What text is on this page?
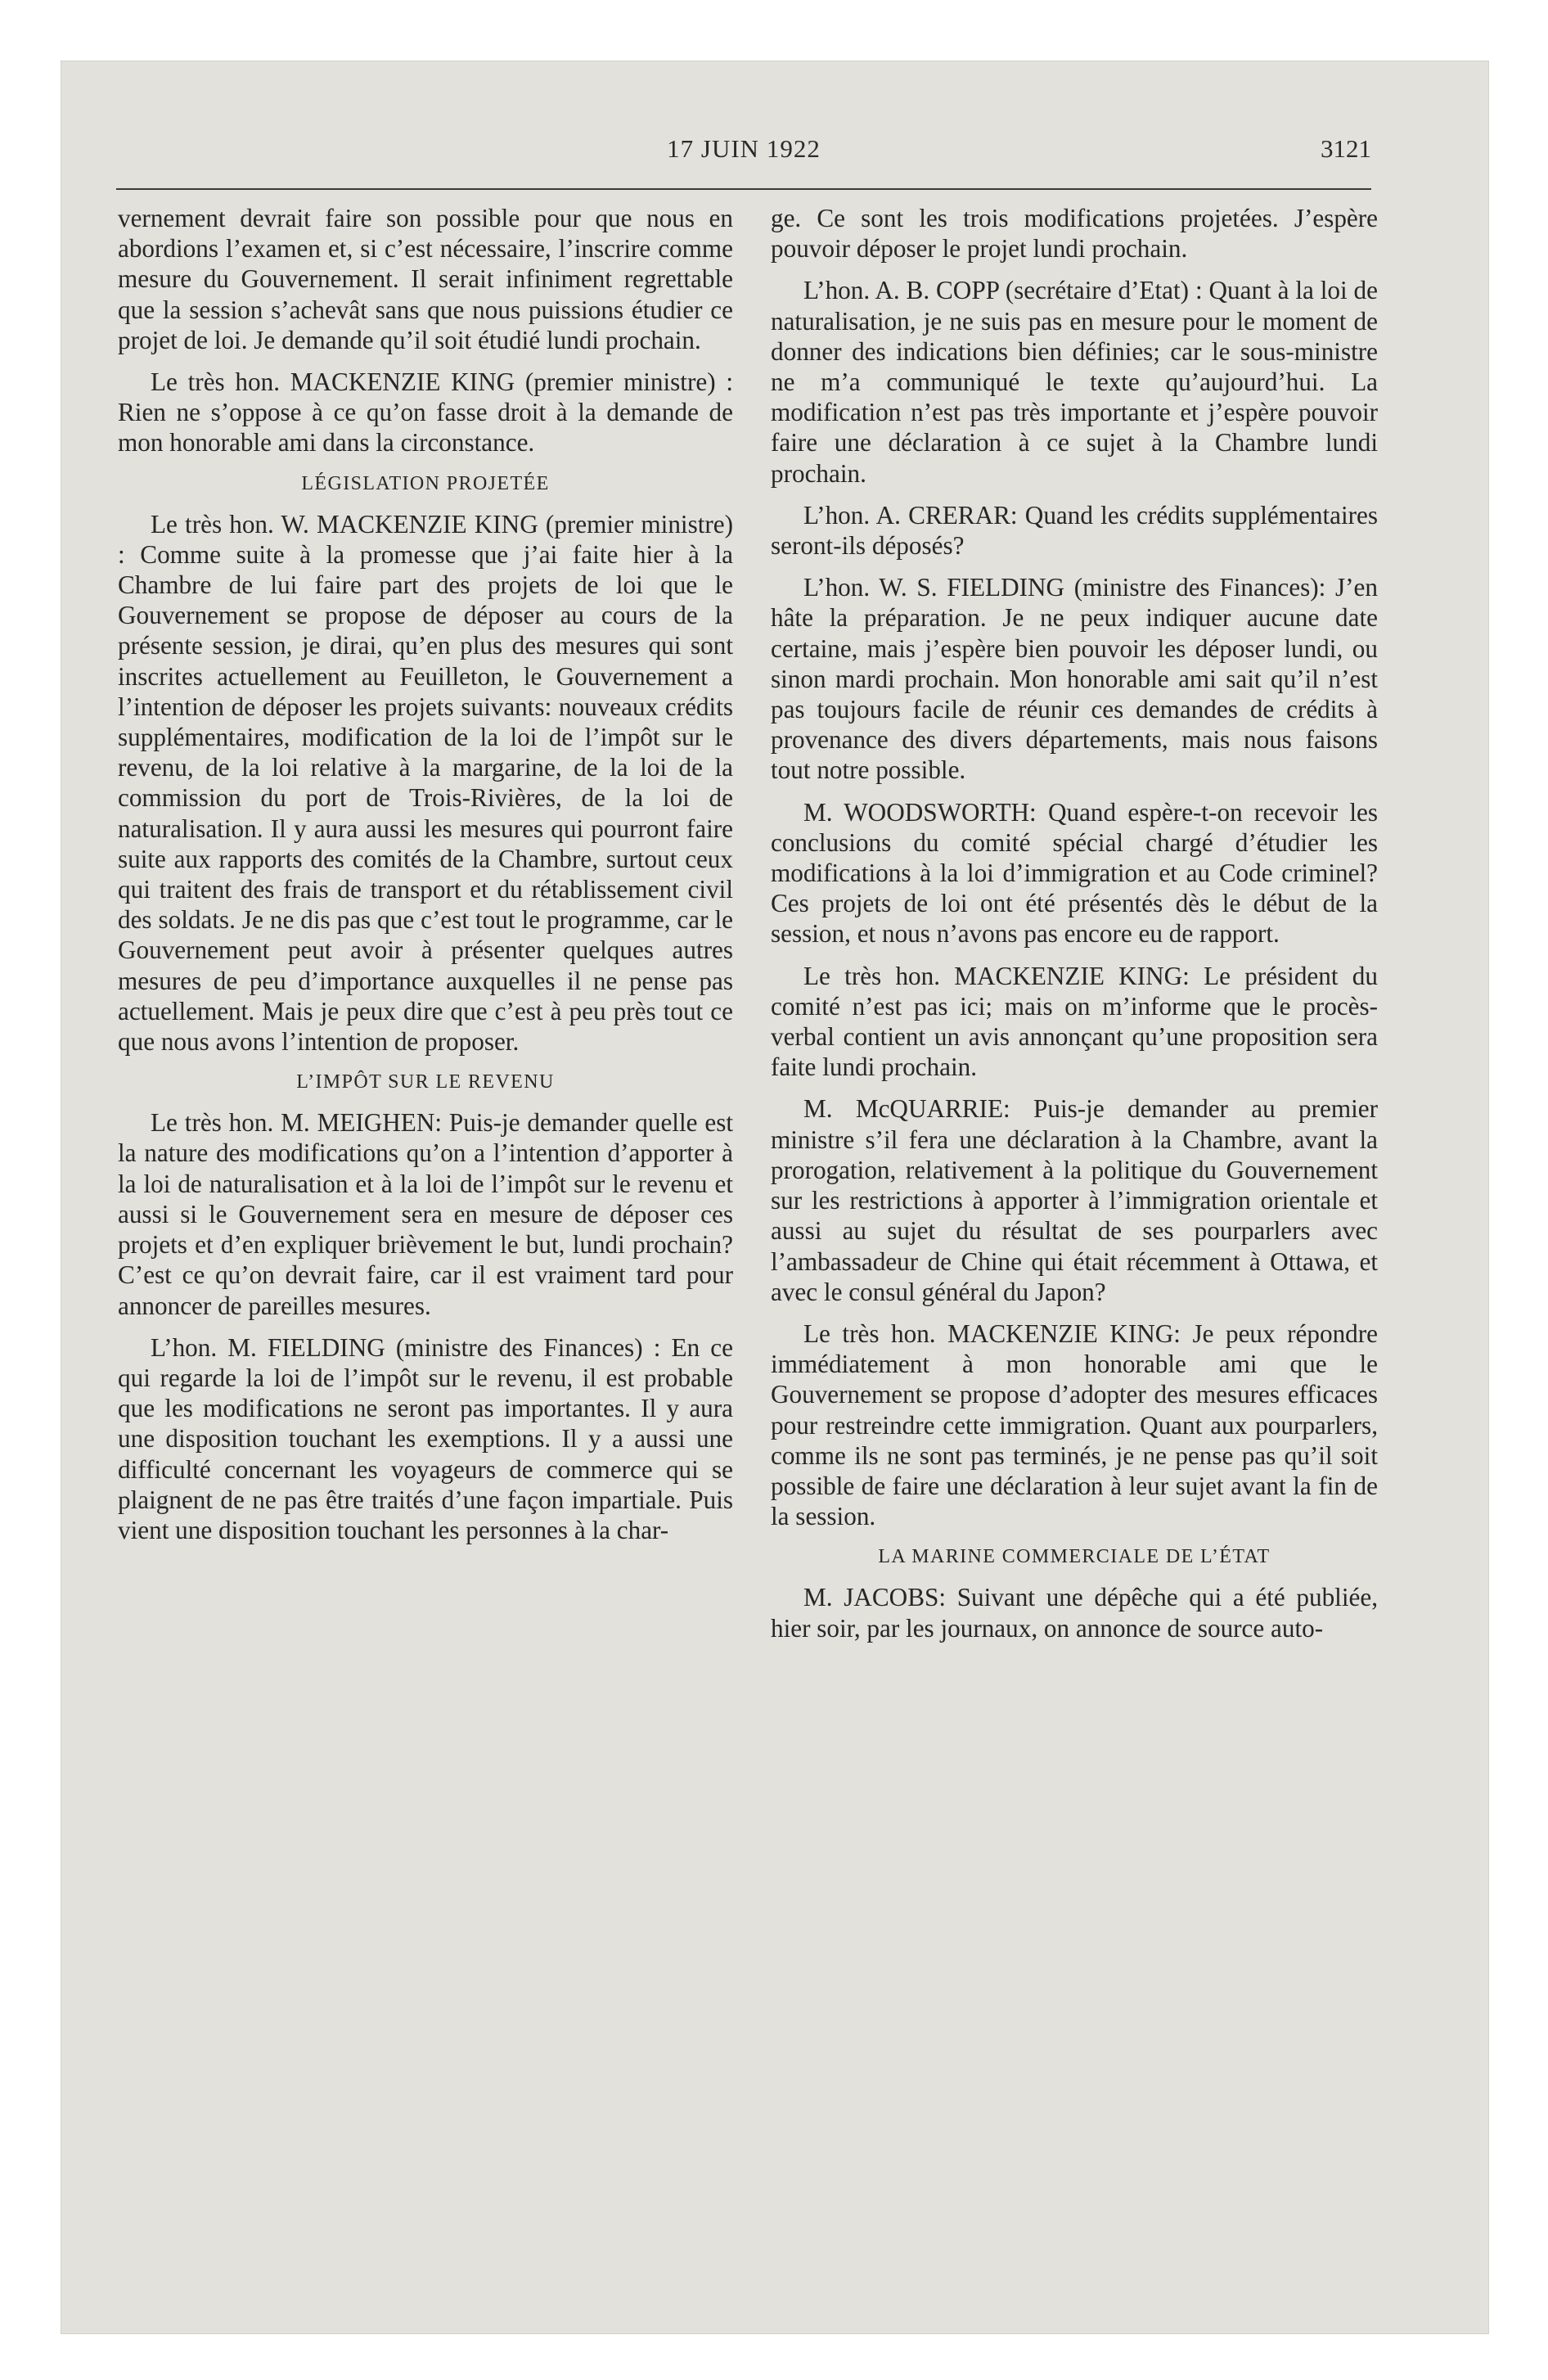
17 JUIN 1922	3121

vernement devrait faire son possible pour que nous en abordions l’examen et, si c’est nécessaire, l’inscrire comme mesure du Gouvernement. Il serait infiniment regrettable que la session s’achevât sans que nous puissions étudier ce projet de loi. Je demande qu’il soit étudié lundi prochain.

Le très hon. MACKENZIE KING (premier ministre) : Rien ne s’oppose à ce qu’on fasse droit à la demande de mon honorable ami dans la circonstance.

LÉGISLATION PROJETÉE

Le très hon. W. MACKENZIE KING (premier ministre) : Comme suite à la promesse que j’ai faite hier à la Chambre de lui faire part des projets de loi que le Gouvernement se propose de déposer au cours de la présente session, je dirai, qu’en plus des mesures qui sont inscrites actuellement au Feuilleton, le Gouvernement a l’intention de déposer les projets suivants: nouveaux crédits supplémentaires, modification de la loi de l’impôt sur le revenu, de la loi relative à la margarine, de la loi de la commission du port de Trois-Rivières, de la loi de naturalisation. Il y aura aussi les mesures qui pourront faire suite aux rapports des comités de la Chambre, surtout ceux qui traitent des frais de transport et du rétablissement civil des soldats. Je ne dis pas que c’est tout le programme, car le Gouvernement peut avoir à présenter quelques autres mesures de peu d’importance auxquelles il ne pense pas actuellement. Mais je peux dire que c’est à peu près tout ce que nous avons l’intention de proposer.

L’IMPÔT SUR LE REVENU

Le très hon. M. MEIGHEN: Puis-je demander quelle est la nature des modifications qu’on a l’intention d’apporter à la loi de naturalisation et à la loi de l’impôt sur le revenu et aussi si le Gouvernement sera en mesure de déposer ces projets et d’en expliquer brièvement le but, lundi prochain? C’est ce qu’on devrait faire, car il est vraiment tard pour annoncer de pareilles mesures.

L’hon. M. FIELDING (ministre des Finances) : En ce qui regarde la loi de l’impôt sur le revenu, il est probable que les modifications ne seront pas importantes. Il y aura une disposition touchant les exemptions. Il y a aussi une difficulté concernant les voyageurs de commerce qui se plaignent de ne pas être traités d’une façon impartiale. Puis vient une disposition touchant les personnes à la char-

ge. Ce sont les trois modifications projetées. J’espère pouvoir déposer le projet lundi prochain.

L’hon. A. B. COPP (secrétaire d’Etat) : Quant à la loi de naturalisation, je ne suis pas en mesure pour le moment de donner des indications bien définies; car le sous-ministre ne m’a communiqué le texte qu’aujourd’hui. La modification n’est pas très importante et j’espère pouvoir faire une déclaration à ce sujet à la Chambre lundi prochain.

L’hon. A. CRERAR: Quand les crédits supplémentaires seront-ils déposés?

L’hon. W. S. FIELDING (ministre des Finances): J’en hâte la préparation. Je ne peux indiquer aucune date certaine, mais j’espère bien pouvoir les déposer lundi, ou sinon mardi prochain. Mon honorable ami sait qu’il n’est pas toujours facile de réunir ces demandes de crédits à provenance des divers départements, mais nous faisons tout notre possible.

M. WOODSWORTH: Quand espère-t-on recevoir les conclusions du comité spécial chargé d’étudier les modifications à la loi d’immigration et au Code criminel? Ces projets de loi ont été présentés dès le début de la session, et nous n’avons pas encore eu de rapport.

Le très hon. MACKENZIE KING: Le président du comité n’est pas ici; mais on m’informe que le procès-verbal contient un avis annonçant qu’une proposition sera faite lundi prochain.

M. McQUARRIE: Puis-je demander au premier ministre s’il fera une déclaration à la Chambre, avant la prorogation, relativement à la politique du Gouvernement sur les restrictions à apporter à l’immigration orientale et aussi au sujet du résultat de ses pourparlers avec l’ambassadeur de Chine qui était récemment à Ottawa, et avec le consul général du Japon?

Le très hon. MACKENZIE KING: Je peux répondre immédiatement à mon honorable ami que le Gouvernement se propose d’adopter des mesures efficaces pour restreindre cette immigration. Quant aux pourparlers, comme ils ne sont pas terminés, je ne pense pas qu’il soit possible de faire une déclaration à leur sujet avant la fin de la session.

LA MARINE COMMERCIALE DE L’ÉTAT

M. JACOBS: Suivant une dépêche qui a été publiée, hier soir, par les journaux, on annonce de source auto-
